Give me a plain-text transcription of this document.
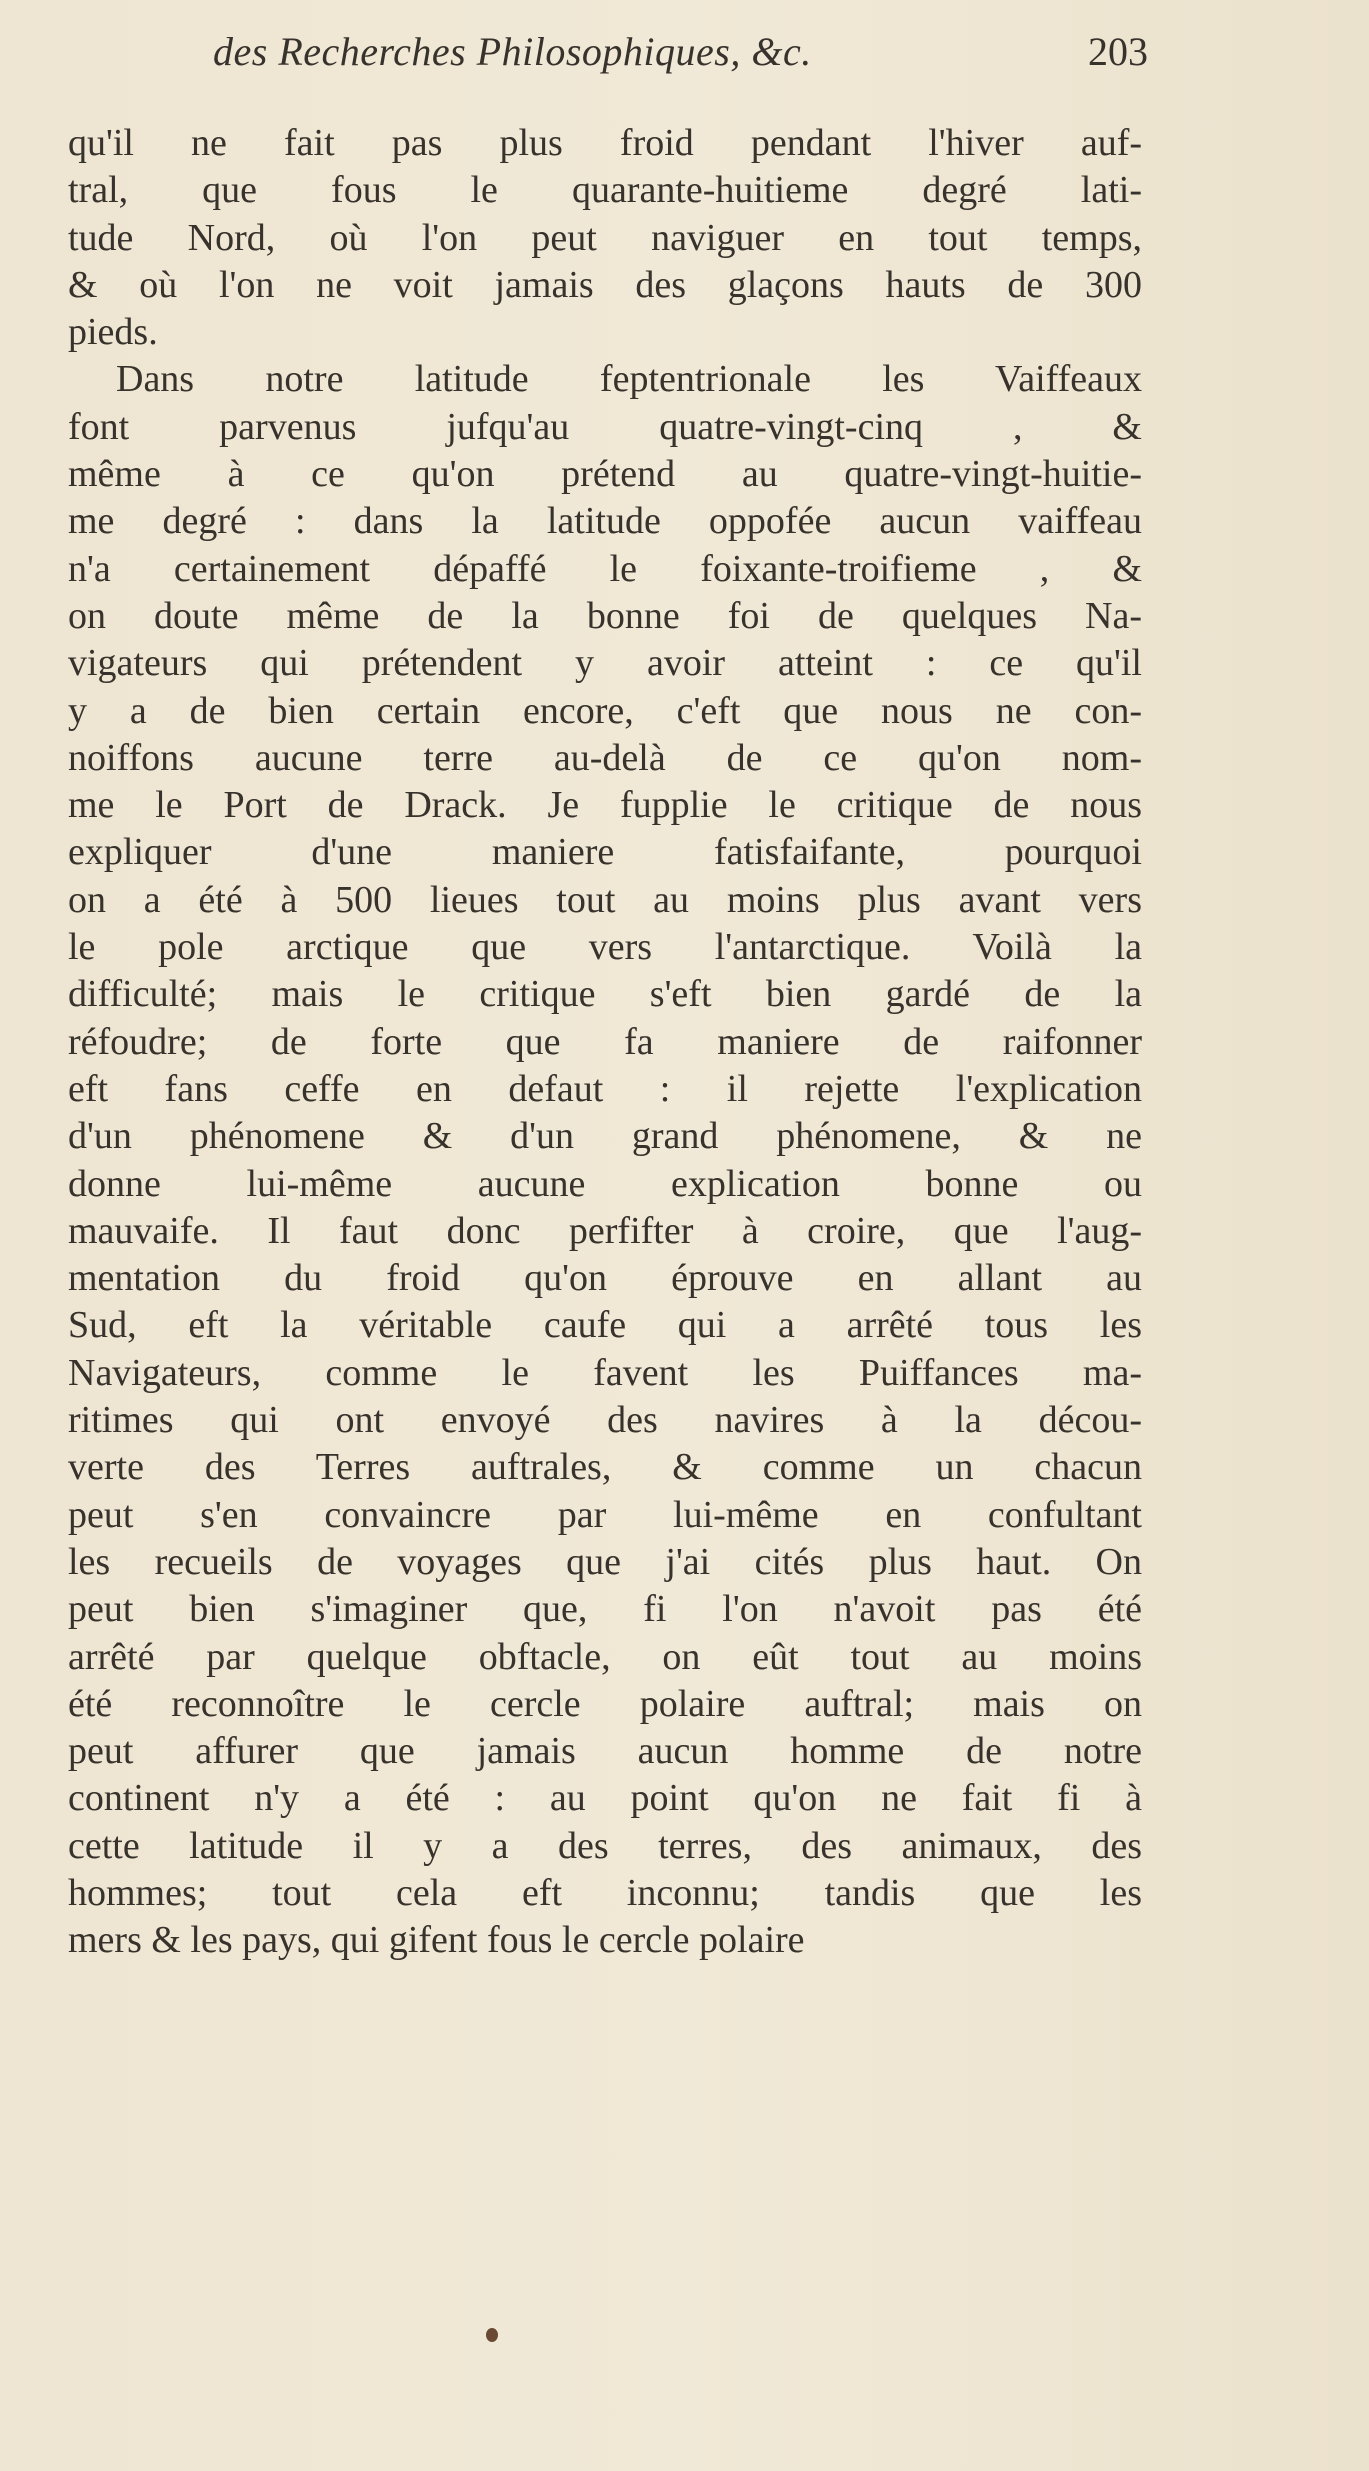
des Recherches Philosophiques, &c.	203
qu'il ne fait pas plus froid pendant l'hiver auf-
tral, que fous le quarante-huitieme degré lati-
tude Nord, où l'on peut naviguer en tout temps,
& où l'on ne voit jamais des glaçons hauts de 300
pieds.
Dans notre latitude feptentrionale les Vaiffeaux
font parvenus jufqu'au quatre-vingt-cinq , &
même à ce qu'on prétend au quatre-vingt-huitie-
me degré : dans la latitude oppofée aucun vaiffeau
n'a certainement dépaffé le foixante-troifieme , &
on doute même de la bonne foi de quelques Na-
vigateurs qui prétendent y avoir atteint : ce qu'il
y a de bien certain encore, c'eft que nous ne con-
noiffons aucune terre au-delà de ce qu'on nom-
me le Port de Drack. Je fupplie le critique de nous
expliquer d'une maniere fatisfaifante, pourquoi
on a été à 500 lieues tout au moins plus avant vers
le pole arctique que vers l'antarctique. Voilà la
difficulté; mais le critique s'eft bien gardé de la
réfoudre; de forte que fa maniere de raifonner
eft fans ceffe en defaut : il rejette l'explication
d'un phénomene & d'un grand phénomene, & ne
donne lui-même aucune explication bonne ou
mauvaife. Il faut donc perfifter à croire, que l'aug-
mentation du froid qu'on éprouve en allant au
Sud, eft la véritable caufe qui a arrêté tous les
Navigateurs, comme le favent les Puiffances ma-
ritimes qui ont envoyé des navires à la décou-
verte des Terres auftrales, & comme un chacun
peut s'en convaincre par lui-même en confultant
les recueils de voyages que j'ai cités plus haut. On
peut bien s'imaginer que, fi l'on n'avoit pas été
arrêté par quelque obftacle, on eût tout au moins
été reconnoître le cercle polaire auftral; mais on
peut affurer que jamais aucun homme de notre
continent n'y a été : au point qu'on ne fait fi à
cette latitude il y a des terres, des animaux, des
hommes; tout cela eft inconnu; tandis que les
mers & les pays, qui gifent fous le cercle polaire
